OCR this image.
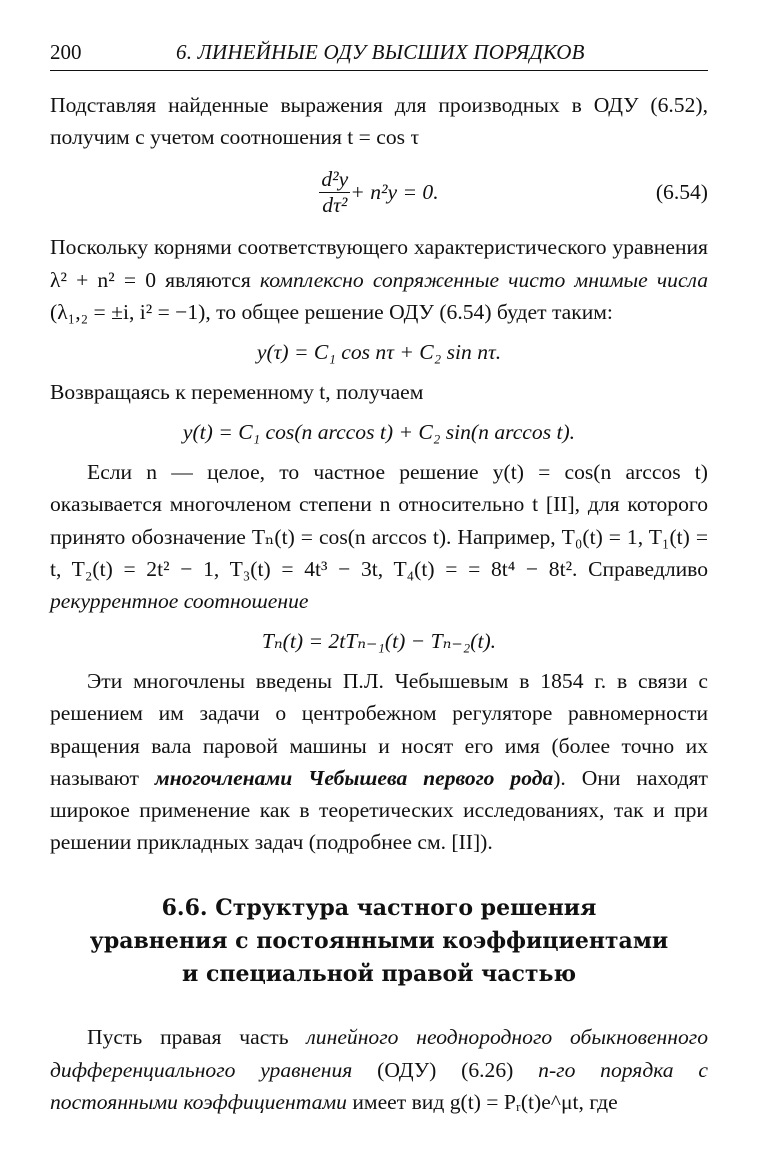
200	6. ЛИНЕЙНЫЕ ОДУ ВЫСШИХ ПОРЯДКОВ

Подставляя найденные выражения для производных в ОДУ (6.52), получим с учетом соотношения t = cos τ

$\frac{\text{d²y}}{\text{dτ²}} + n^2y = 0$.	(6.54)

Поскольку корнями соответствующего характеристического уравнения λ² + n² = 0 являются комплексно сопряженные чисто мнимые числа (λ₁,₂ = ±i, i² = −1), то общее решение ОДУ (6.54) будет таким:

y(τ) = C₁ cos nτ + C₂ sin nτ.

Возвращаясь к переменному t, получаем

y(t) = C₁ cos(n arccos t) + C₂ sin(n arccos t).

Если n — целое, то частное решение y(t) = cos(n arccos t) оказывается многочленом степени n относительно t [II], для которого принято обозначение Tₙ(t) = cos(n arccos t). Например, T₀(t) = 1, T₁(t) = t, T₂(t) = 2t² − 1, T₃(t) = 4t³ − 3t, T₄(t) = = 8t⁴ − 8t². Справедливо рекуррентное соотношение

Tₙ(t) = 2tTₙ₋₁(t) − Tₙ₋₂(t).

Эти многочлены введены П.Л. Чебышевым в 1854 г. в связи с решением им задачи о центробежном регуляторе равномерности вращения вала паровой машины и носят его имя (более точно их называют многочленами Чебышева первого рода). Они находят широкое применение как в теоретических исследованиях, так и при решении прикладных задач (подробнее см. [II]).

6.6. Структура частного решения
уравнения с постоянными коэффициентами
и специальной правой частью

Пусть правая часть линейного неоднородного обыкновенного дифференциального уравнения (ОДУ) (6.26) n-го порядка с постоянными коэффициентами имеет вид g(t) = Pᵣ(t)e^μt, где
